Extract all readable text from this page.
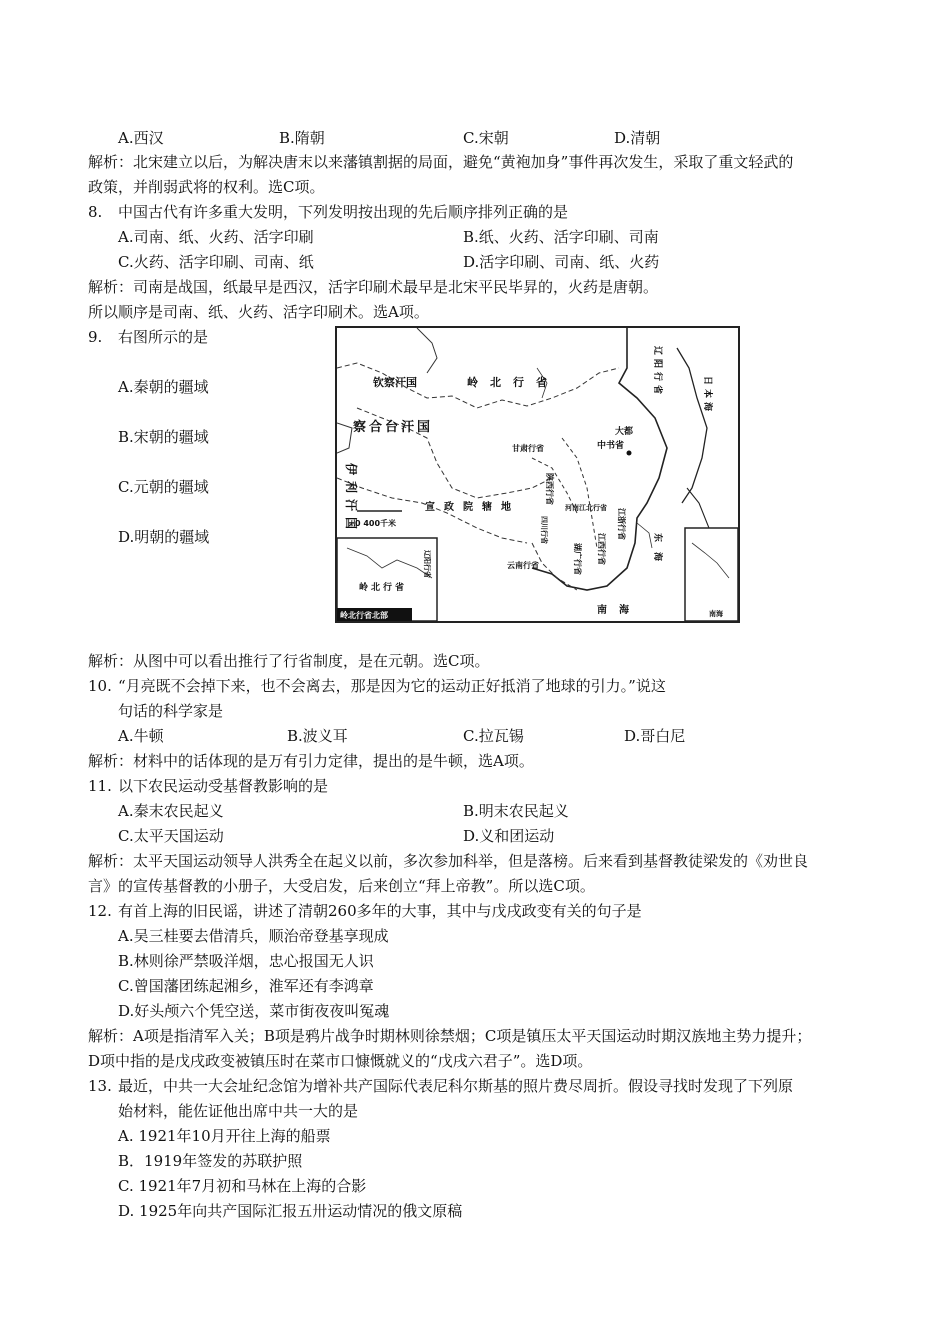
A.西汉	B.隋朝	C.宋朝	D.清朝
解析：北宋建立以后，为解决唐末以来藩镇割据的局面，避免“黄袍加身”事件再次发生，采取了重文轻武的
政策，并削弱武将的权利。选C项。
8. 中国古代有许多重大发明，下列发明按出现的先后顺序排列正确的是
A.司南、纸、火药、活字印刷	B.纸、火药、活字印刷、司南
C.火药、活字印刷、司南、纸	D.活字印刷、司南、纸、火药
解析：司南是战国，纸最早是西汉，活字印刷术最早是北宋平民毕昇的，火药是唐朝。
所以顺序是司南、纸、火药、活字印刷术。选A项。
9. 右图所示的是
A.秦朝的疆域
B.宋朝的疆域
C.元朝的疆域
D.明朝的疆域
钦察汗国	岭北行省
察合台汗国
甘肃行省	中书省
大都
辽阳行省	日本海
陕西行省
伊利汗国	宣政院辖地	河南江北行省
四川行省	江浙行省
江西行省
湖广行省
云南行省	东海
南海
0 400千米
辽阳行省
岭北行省
岭北行省北部	南海
解析：从图中可以看出推行了行省制度，是在元朝。选C项。
10. “月亮既不会掉下来，也不会离去，那是因为它的运动正好抵消了地球的引力。”说这
句话的科学家是
A.牛顿	B.波义耳	C.拉瓦锡	D.哥白尼
解析：材料中的话体现的是万有引力定律，提出的是牛顿，选A项。
11. 以下农民运动受基督教影响的是
A.秦末农民起义	B.明末农民起义
C.太平天国运动	D.义和团运动
解析：太平天国运动领导人洪秀全在起义以前，多次参加科举，但是落榜。后来看到基督教徒梁发的《劝世良
言》的宣传基督教的小册子，大受启发，后来创立“拜上帝教”。所以选C项。
12. 有首上海的旧民谣，讲述了清朝260多年的大事，其中与戊戌政变有关的句子是
A.吴三桂要去借清兵，顺治帝登基享现成
B.林则徐严禁吸洋烟，忠心报国无人识
C.曾国藩团练起湘乡，淮军还有李鸿章
D.好头颅六个凭空送，菜市街夜夜叫冤魂
解析：A项是指清军入关；B项是鸦片战争时期林则徐禁烟；C项是镇压太平天国运动时期汉族地主势力提升；
D项中指的是戊戌政变被镇压时在菜市口慷慨就义的“戊戌六君子”。选D项。
13. 最近，中共一大会址纪念馆为增补共产国际代表尼科尔斯基的照片费尽周折。假设寻找时发现了下列原
始材料，能佐证他出席中共一大的是
A. 1921年10月开往上海的船票
B．1919年签发的苏联护照
C. 1921年7月初和马林在上海的合影
D. 1925年向共产国际汇报五卅运动情况的俄文原稿
